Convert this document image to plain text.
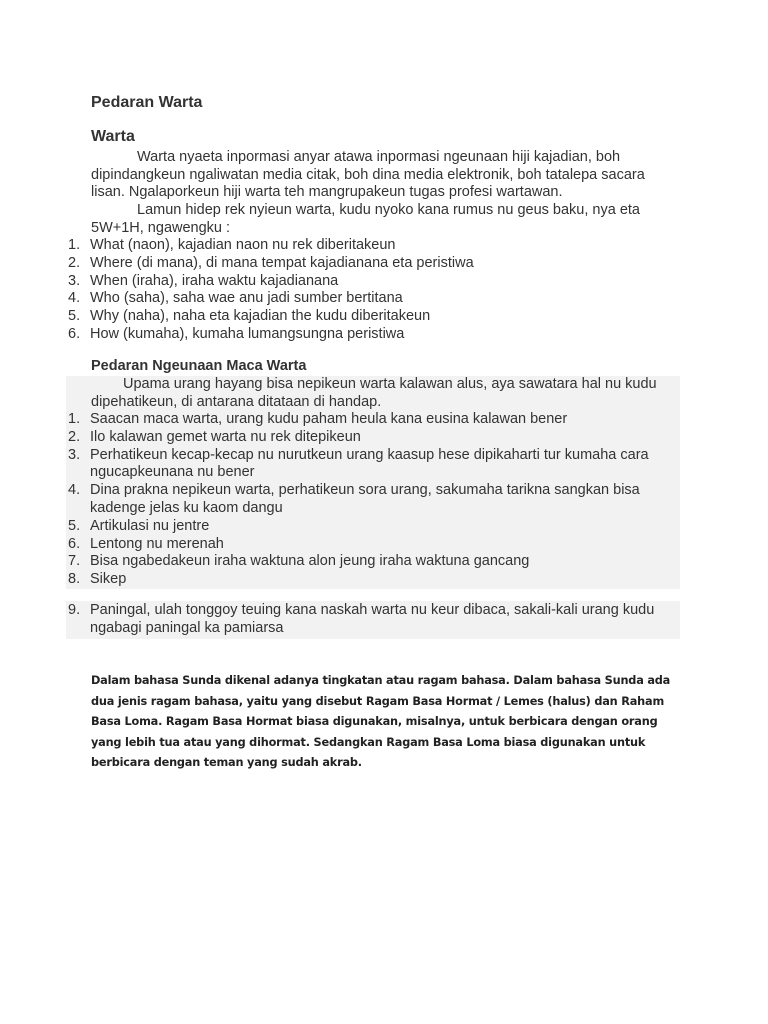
Pedaran Warta
Warta

Warta nyaeta inpormasi anyar atawa inpormasi ngeunaan hiji kajadian, boh dipindangkeun ngaliwatan media citak, boh dina media elektronik, boh tatalepa sacara lisan. Ngalaporkeun hiji warta teh mangrupakeun tugas profesi wartawan.

Lamun hidep rek nyieun warta, kudu nyoko kana rumus nu geus baku, nya eta 5W+1H, ngawengku :

1. What (naon), kajadian naon nu rek diberitakeun
2. Where (di mana), di mana tempat kajadianana eta peristiwa
3. When (iraha), iraha waktu kajadianana
4. Who (saha), saha wae anu jadi sumber bertitana
5. Why (naha), naha eta kajadian the kudu diberitakeun
6. How (kumaha), kumaha lumangsungna peristiwa
Pedaran Ngeunaan Maca Warta

Upama urang hayang bisa nepikeun warta kalawan alus, aya sawatara hal nu kudu dipehatikeun, di antarana ditataan di handap.

1. Saacan maca warta, urang kudu paham heula kana eusina kalawan bener
2. Ilo kalawan gemet warta nu rek ditepikeun
3. Perhatikeun kecap-kecap nu nurutkeun urang kaasup hese dipikaharti tur kumaha cara ngucapkeunana nu bener
4. Dina prakna nepikeun warta, perhatikeun sora urang, sakumaha tarikna sangkan bisa kadenge jelas ku kaom dangu
5. Artikulasi nu jentre
6. Lentong nu merenah
7. Bisa ngabedakeun iraha waktuna alon jeung iraha waktuna gancang
8. Sikep
9. Paningal, ulah tonggoy teuing kana naskah warta nu keur dibaca, sakali-kali urang kudu ngabagi paningal ka pamiarsa
Dalam bahasa Sunda dikenal adanya tingkatan atau ragam bahasa. Dalam bahasa Sunda ada dua jenis ragam bahasa, yaitu yang disebut Ragam Basa Hormat / Lemes (halus) dan Raham Basa Loma. Ragam Basa Hormat biasa digunakan, misalnya, untuk berbicara dengan orang yang lebih tua atau yang dihormat. Sedangkan Ragam Basa Loma biasa digunakan untuk berbicara dengan teman yang sudah akrab.
